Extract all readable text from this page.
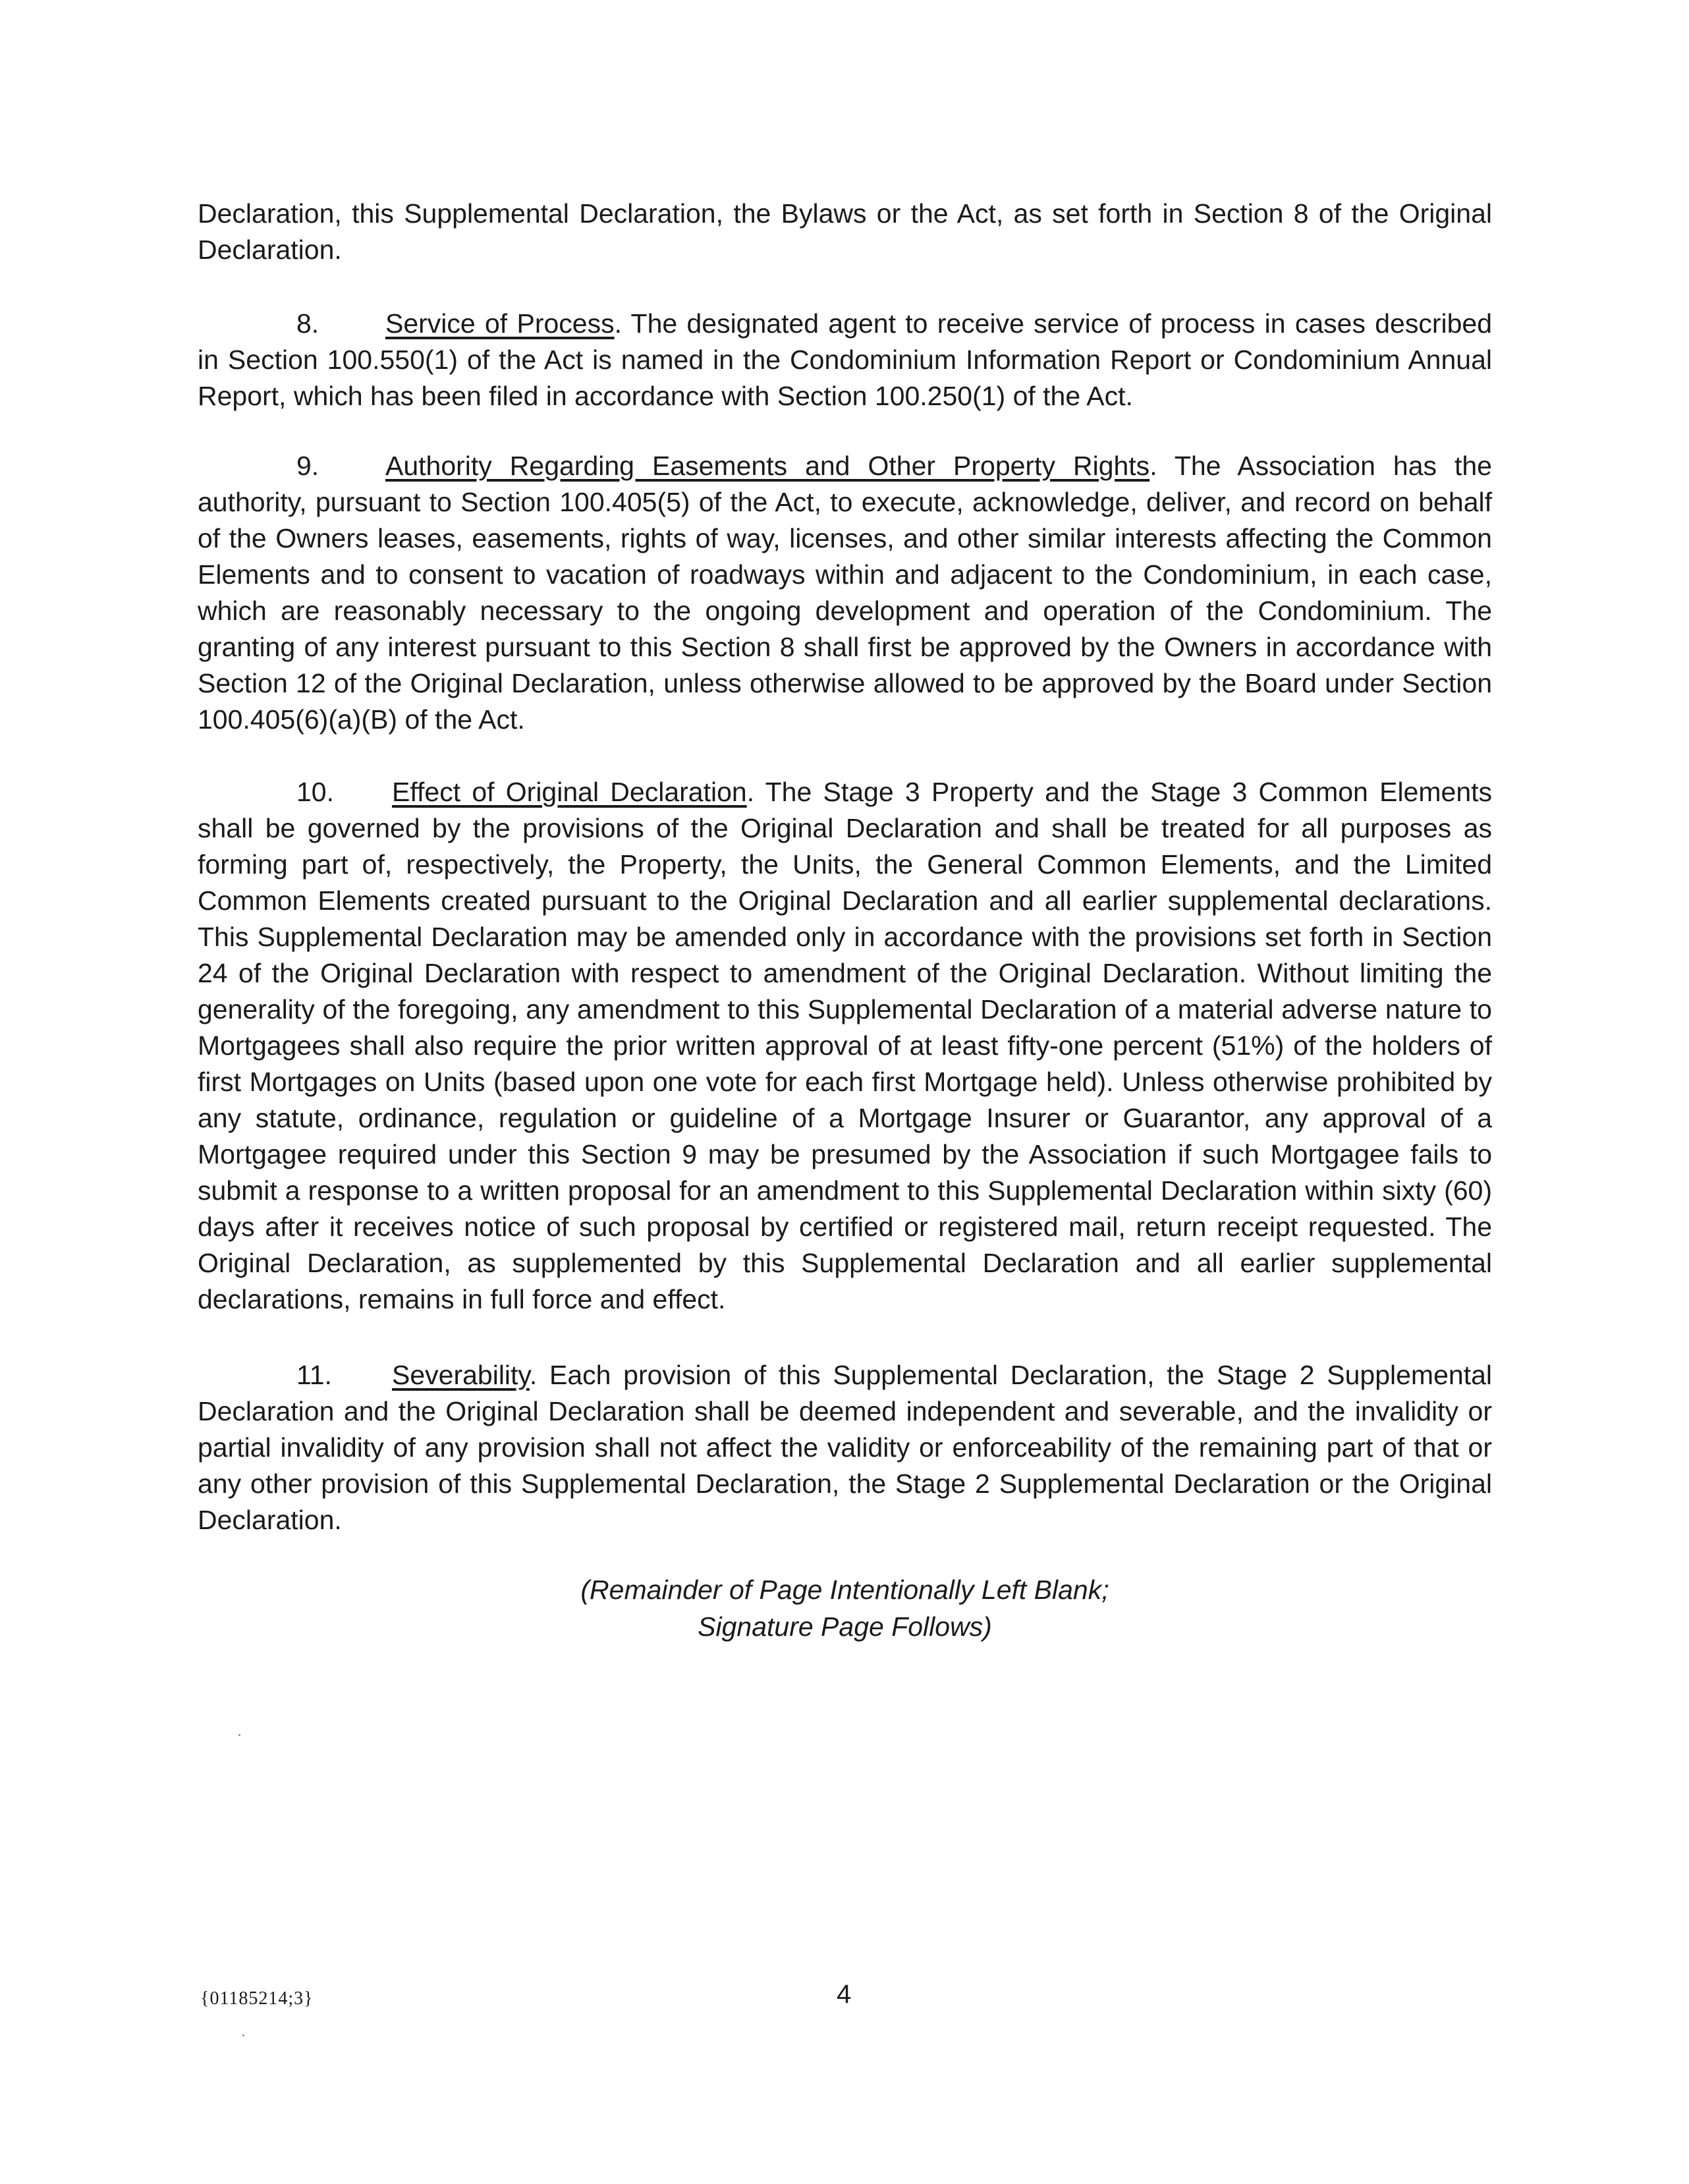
Declaration, this Supplemental Declaration, the Bylaws or the Act, as set forth in Section 8 of the Original Declaration.

8. Service of Process. The designated agent to receive service of process in cases described in Section 100.550(1) of the Act is named in the Condominium Information Report or Condominium Annual Report, which has been filed in accordance with Section 100.250(1) of the Act.

9. Authority Regarding Easements and Other Property Rights. The Association has the authority, pursuant to Section 100.405(5) of the Act, to execute, acknowledge, deliver, and record on behalf of the Owners leases, easements, rights of way, licenses, and other similar interests affecting the Common Elements and to consent to vacation of roadways within and adjacent to the Condominium, in each case, which are reasonably necessary to the ongoing development and operation of the Condominium. The granting of any interest pursuant to this Section 8 shall first be approved by the Owners in accordance with Section 12 of the Original Declaration, unless otherwise allowed to be approved by the Board under Section 100.405(6)(a)(B) of the Act.

10. Effect of Original Declaration. The Stage 3 Property and the Stage 3 Common Elements shall be governed by the provisions of the Original Declaration and shall be treated for all purposes as forming part of, respectively, the Property, the Units, the General Common Elements, and the Limited Common Elements created pursuant to the Original Declaration and all earlier supplemental declarations. This Supplemental Declaration may be amended only in accordance with the provisions set forth in Section 24 of the Original Declaration with respect to amendment of the Original Declaration. Without limiting the generality of the foregoing, any amendment to this Supplemental Declaration of a material adverse nature to Mortgagees shall also require the prior written approval of at least fifty-one percent (51%) of the holders of first Mortgages on Units (based upon one vote for each first Mortgage held). Unless otherwise prohibited by any statute, ordinance, regulation or guideline of a Mortgage Insurer or Guarantor, any approval of a Mortgagee required under this Section 9 may be presumed by the Association if such Mortgagee fails to submit a response to a written proposal for an amendment to this Supplemental Declaration within sixty (60) days after it receives notice of such proposal by certified or registered mail, return receipt requested. The Original Declaration, as supplemented by this Supplemental Declaration and all earlier supplemental declarations, remains in full force and effect.

11. Severability. Each provision of this Supplemental Declaration, the Stage 2 Supplemental Declaration and the Original Declaration shall be deemed independent and severable, and the invalidity or partial invalidity of any provision shall not affect the validity or enforceability of the remaining part of that or any other provision of this Supplemental Declaration, the Stage 2 Supplemental Declaration or the Original Declaration.

(Remainder of Page Intentionally Left Blank;
Signature Page Follows)
{01185214;3}	4
